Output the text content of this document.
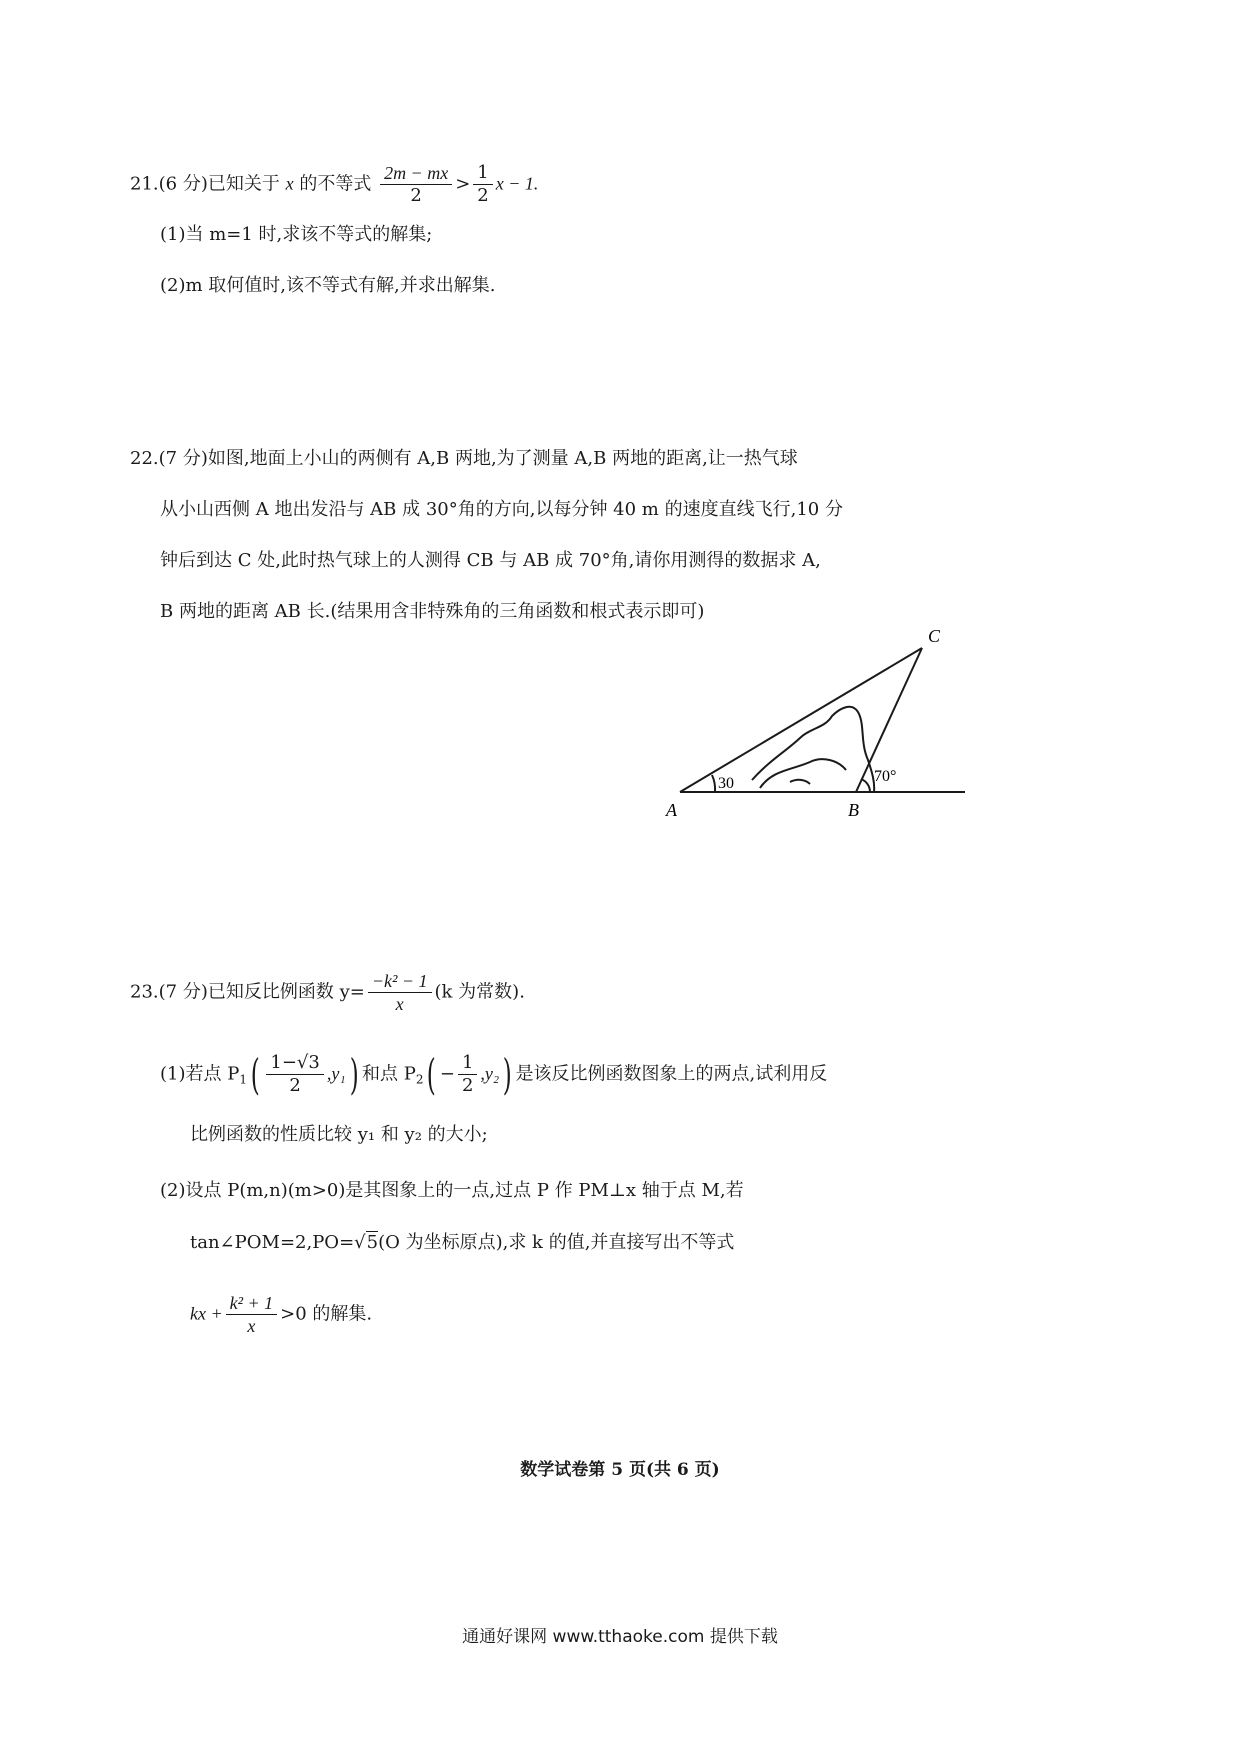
21.(6 分)已知关于 x 的不等式 $\frac{2m - mx}{2} > \frac{1}{2}$ x − 1.
(1)当 m=1 时,求该不等式的解集;
(2)m 取何值时,该不等式有解,并求出解集.
22.(7 分)如图,地面上小山的两侧有 A,B 两地,为了测量 A,B 两地的距离,让一热气球
从小山西侧 A 地出发沿与 AB 成 30°角的方向,以每分钟 40 m 的速度直线飞行,10 分
钟后到达 C 处,此时热气球上的人测得 CB 与 AB 成 70°角,请你用测得的数据求 A,
B 两地的距离 AB 长.(结果用含非特殊角的三角函数和根式表示即可)
A	B
C
30	70°
23.(7 分)已知反比例函数 $y= \frac{\text{−k² − 1}}{x} (k$ 为常数).
(1)若点 $P_1( \frac{1-√3}{2} ,y_1)$ 和点 $P_2( - \frac{1}{2} ,y_2)$ 是该反比例函数图象上的两点,试利用反
比例函数的性质比较 y₁ 和 y₂ 的大小;
(2)设点 P(m,n)(m>0)是其图象上的一点,过点 P 作 PM⊥x 轴于点 M,若
tan∠POM=2,PO=√5(O 为坐标原点),求 k 的值,并直接写出不等式
kx + $\frac{\text{k² + 1}}{x} >0$ 的解集.
数学试卷第 5 页(共 6 页)
通通好课网 www.tthaoke.com 提供下载
